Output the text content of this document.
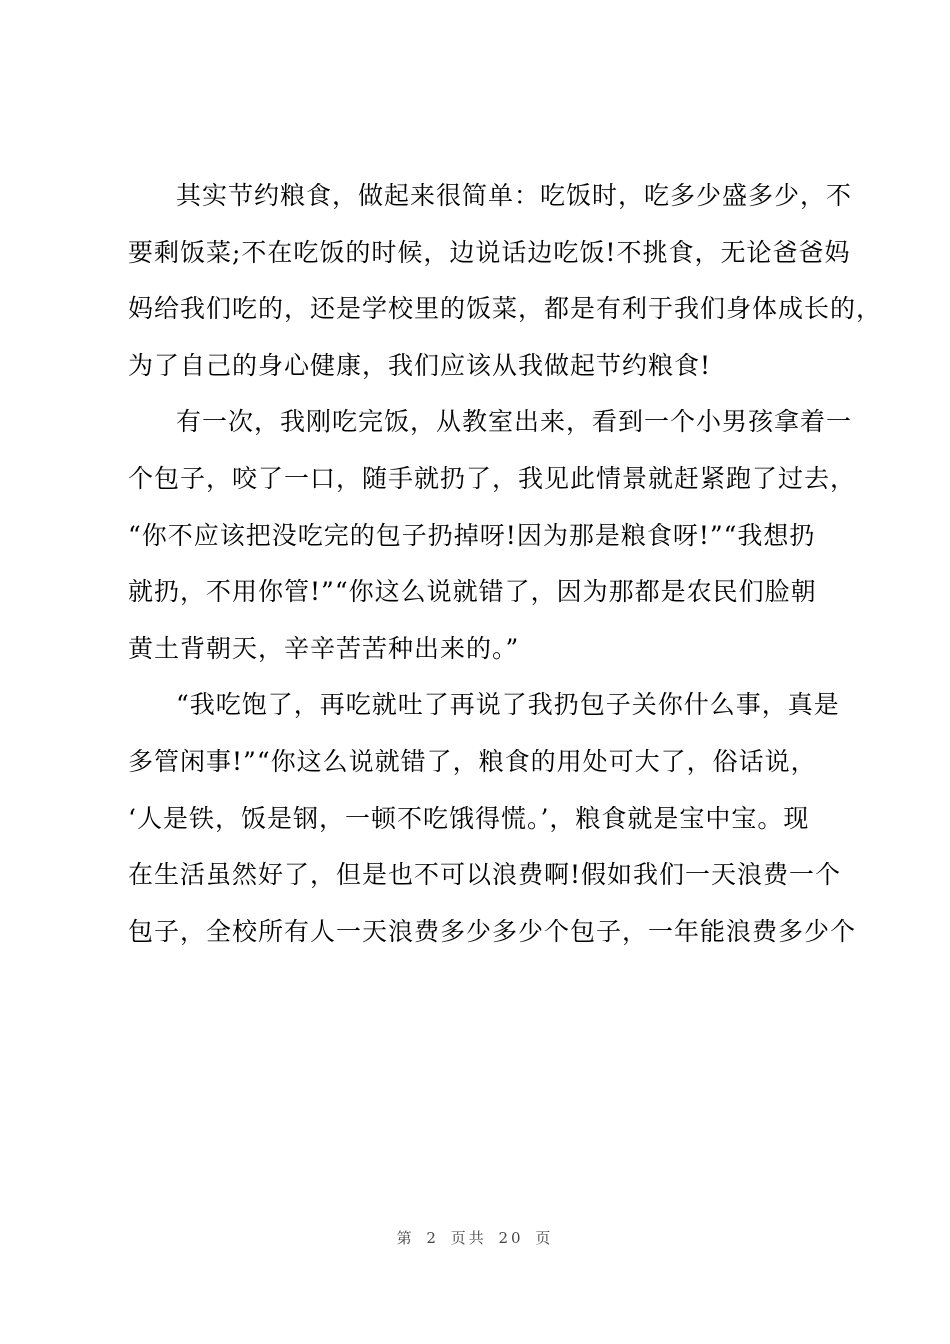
其实节约粮食，做起来很简单：吃饭时，吃多少盛多少，不
要剩饭菜;不在吃饭的时候，边说话边吃饭!不挑食，无论爸爸妈
妈给我们吃的，还是学校里的饭菜，都是有利于我们身体成长的，
为了自己的身心健康，我们应该从我做起节约粮食!
有一次，我刚吃完饭，从教室出来，看到一个小男孩拿着一
个包子，咬了一口，随手就扔了，我见此情景就赶紧跑了过去，
“你不应该把没吃完的包子扔掉呀!因为那是粮食呀!”“我想扔
就扔，不用你管!”“你这么说就错了，因为那都是农民们脸朝
黄土背朝天，辛辛苦苦种出来的。”
“我吃饱了，再吃就吐了再说了我扔包子关你什么事，真是
多管闲事!”“你这么说就错了，粮食的用处可大了，俗话说，
‘人是铁，饭是钢，一顿不吃饿得慌。’，粮食就是宝中宝。现
在生活虽然好了，但是也不可以浪费啊!假如我们一天浪费一个
包子，全校所有人一天浪费多少多少个包子，一年能浪费多少个
第 2 页共 20 页
